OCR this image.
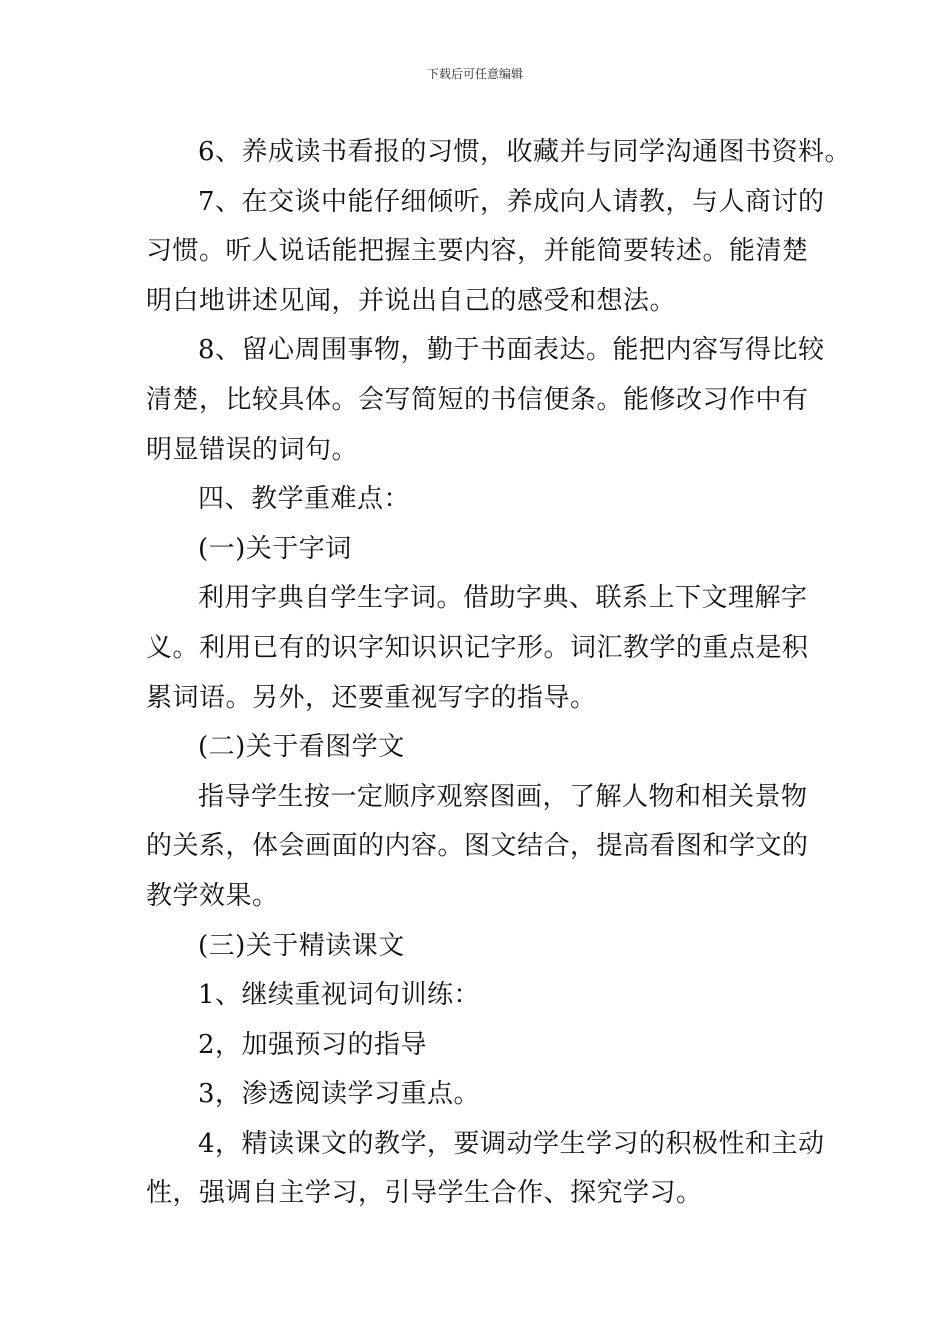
下载后可任意编辑

6、养成读书看报的习惯，收藏并与同学沟通图书资料。

7、在交谈中能仔细倾听，养成向人请教，与人商讨的

习惯。听人说话能把握主要内容，并能简要转述。能清楚

明白地讲述见闻，并说出自己的感受和想法。

8、留心周围事物，勤于书面表达。能把内容写得比较

清楚，比较具体。会写简短的书信便条。能修改习作中有

明显错误的词句。

四、教学重难点：

(一)关于字词

利用字典自学生字词。借助字典、联系上下文理解字

义。利用已有的识字知识识记字形。词汇教学的重点是积

累词语。另外，还要重视写字的指导。

(二)关于看图学文

指导学生按一定顺序观察图画，了解人物和相关景物

的关系，体会画面的内容。图文结合，提高看图和学文的

教学效果。

(三)关于精读课文

1、继续重视词句训练：

2，加强预习的指导

3，渗透阅读学习重点。

4，精读课文的教学，要调动学生学习的积极性和主动

性，强调自主学习，引导学生合作、探究学习。
